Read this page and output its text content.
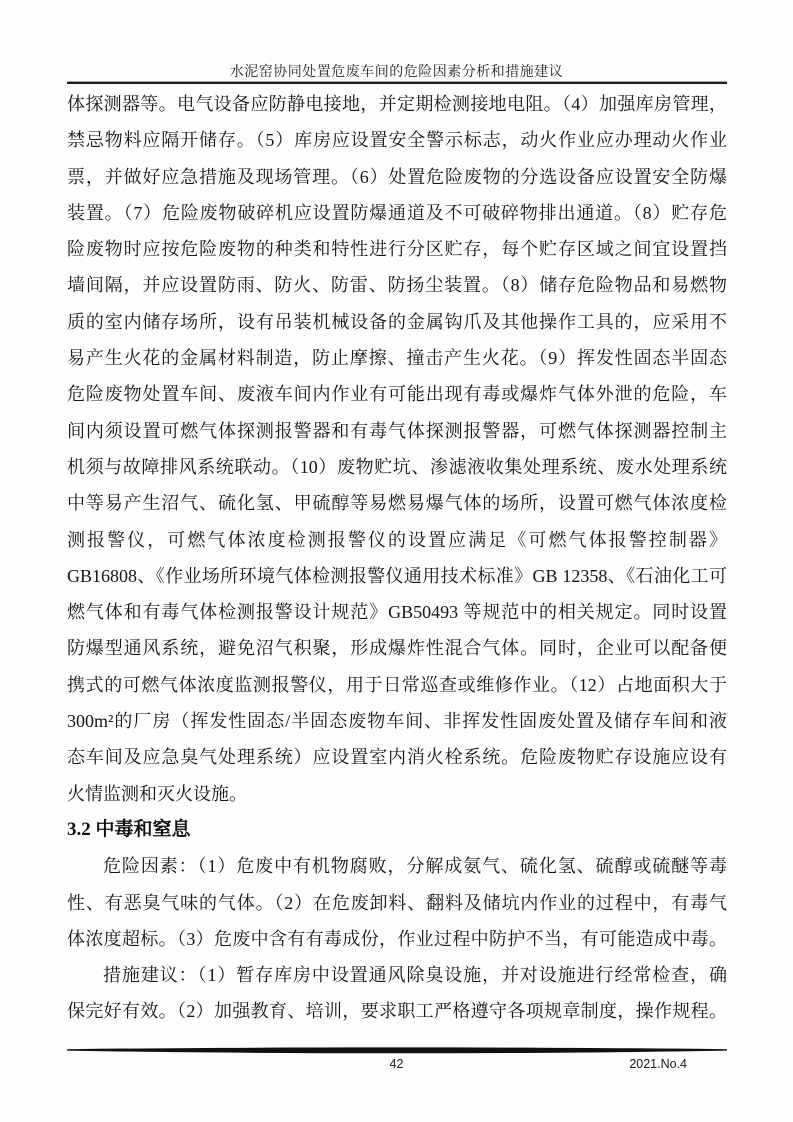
水泥窑协同处置危废车间的危险因素分析和措施建议
体探测器等。电气设备应防静电接地，并定期检测接地电阻。（4）加强库房管理，
禁忌物料应隔开储存。（5）库房应设置安全警示标志，动火作业应办理动火作业
票，并做好应急措施及现场管理。（6）处置危险废物的分选设备应设置安全防爆
装置。（7）危险废物破碎机应设置防爆通道及不可破碎物排出通道。（8）贮存危
险废物时应按危险废物的种类和特性进行分区贮存，每个贮存区域之间宜设置挡
墙间隔，并应设置防雨、防火、防雷、防扬尘装置。（8）储存危险物品和易燃物
质的室内储存场所，设有吊装机械设备的金属钩爪及其他操作工具的，应采用不
易产生火花的金属材料制造，防止摩擦、撞击产生火花。（9）挥发性固态半固态
危险废物处置车间、废液车间内作业有可能出现有毒或爆炸气体外泄的危险，车
间内须设置可燃气体探测报警器和有毒气体探测报警器，可燃气体探测器控制主
机须与故障排风系统联动。（10）废物贮坑、渗滤液收集处理系统、废水处理系统
中等易产生沼气、硫化氢、甲硫醇等易燃易爆气体的场所，设置可燃气体浓度检
测报警仪，可燃气体浓度检测报警仪的设置应满足《可燃气体报警控制器》
GB16808、《作业场所环境气体检测报警仪通用技术标准》GB 12358、《石油化工可
燃气体和有毒气体检测报警设计规范》GB50493 等规范中的相关规定。同时设置
防爆型通风系统，避免沼气积聚，形成爆炸性混合气体。同时，企业可以配备便
携式的可燃气体浓度监测报警仪，用于日常巡查或维修作业。（12）占地面积大于
300m²的厂房（挥发性固态/半固态废物车间、非挥发性固废处置及储存车间和液
态车间及应急臭气处理系统）应设置室内消火栓系统。危险废物贮存设施应设有
火情监测和灭火设施。
3.2 中毒和窒息
危险因素：（1）危废中有机物腐败，分解成氨气、硫化氢、硫醇或硫醚等毒
性、有恶臭气味的气体。（2）在危废卸料、翻料及储坑内作业的过程中，有毒气
体浓度超标。（3）危废中含有有毒成份，作业过程中防护不当，有可能造成中毒。
措施建议：（1）暂存库房中设置通风除臭设施，并对设施进行经常检查，确
保完好有效。（2）加强教育、培训，要求职工严格遵守各项规章制度，操作规程。
42	2021.No.4
